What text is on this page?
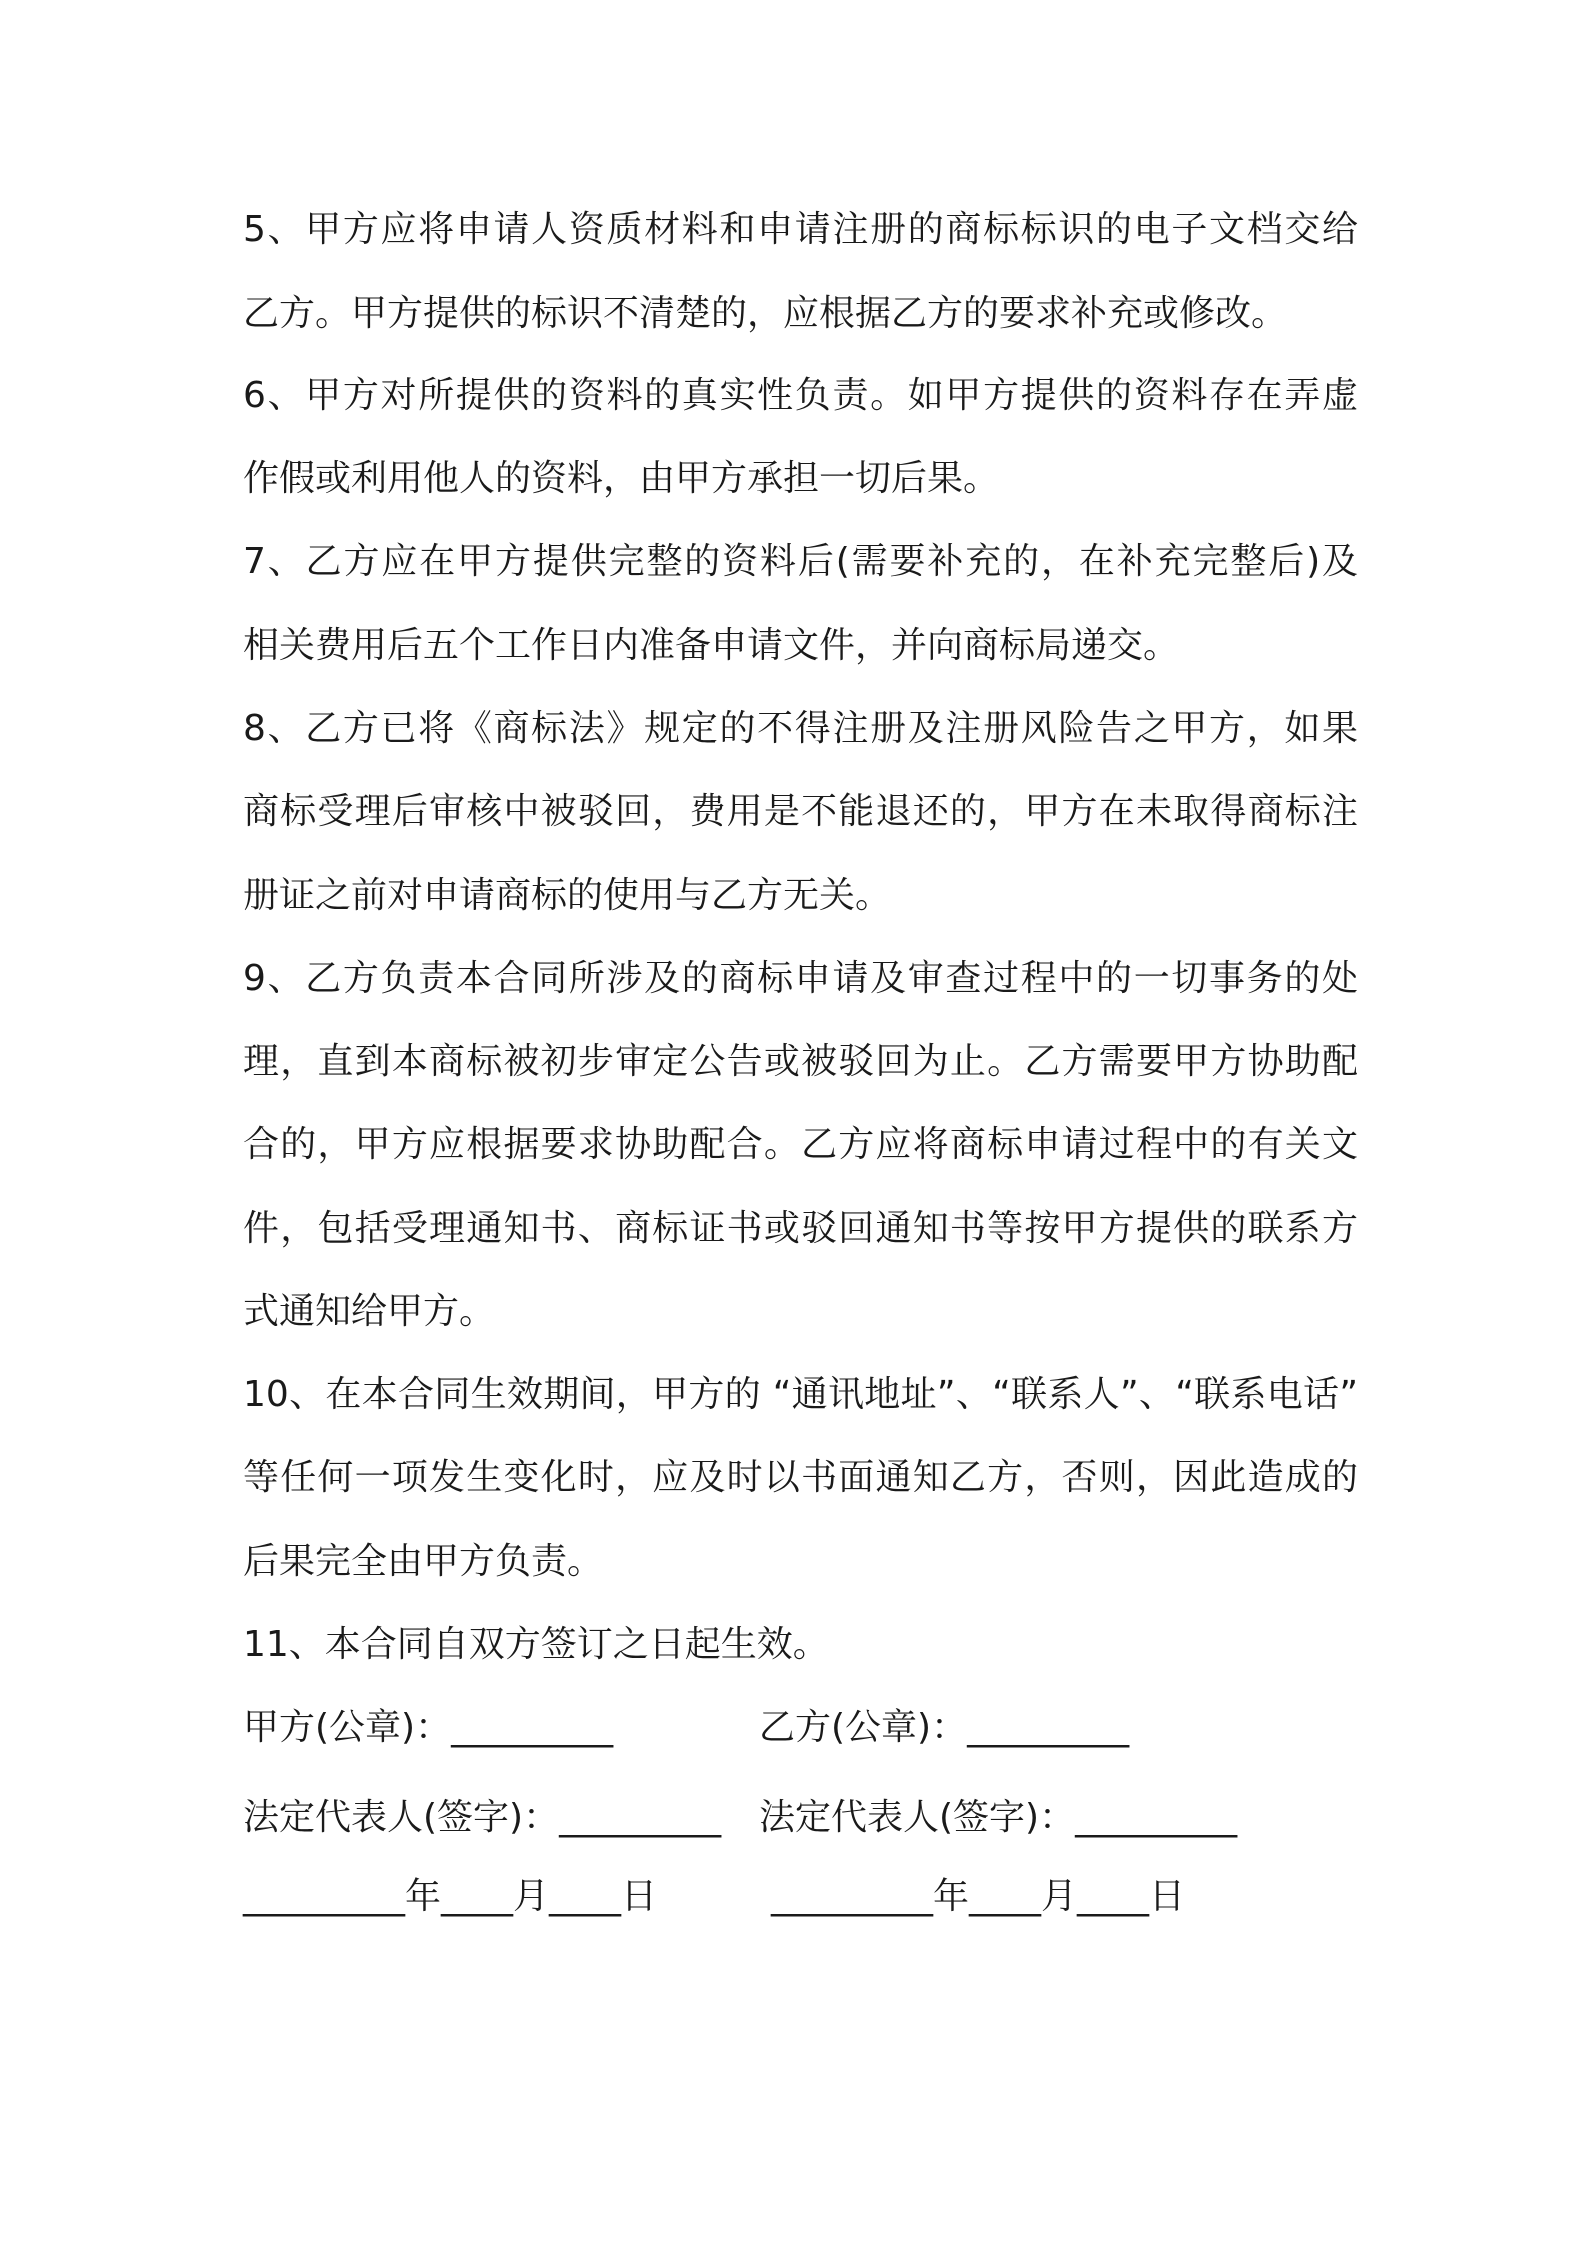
5、甲方应将申请人资质材料和申请注册的商标标识的电子文档交给
乙方。甲方提供的标识不清楚的，应根据乙方的要求补充或修改。
6、甲方对所提供的资料的真实性负责。如甲方提供的资料存在弄虚
作假或利用他人的资料，由甲方承担一切后果。
7、乙方应在甲方提供完整的资料后(需要补充的，在补充完整后)及
相关费用后五个工作日内准备申请文件，并向商标局递交。
8、乙方已将《商标法》规定的不得注册及注册风险告之甲方，如果
商标受理后审核中被驳回，费用是不能退还的，甲方在未取得商标注
册证之前对申请商标的使用与乙方无关。
9、乙方负责本合同所涉及的商标申请及审查过程中的一切事务的处
理，直到本商标被初步审定公告或被驳回为止。乙方需要甲方协助配
合的，甲方应根据要求协助配合。乙方应将商标申请过程中的有关文
件，包括受理通知书、商标证书或驳回通知书等按甲方提供的联系方
式通知给甲方。
10、在本合同生效期间，甲方的 “通讯地址”、“联系人”、“联系电话”
等任何一项发生变化时，应及时以书面通知乙方，否则，因此造成的
后果完全由甲方负责。
11、本合同自双方签订之日起生效。
甲方(公章)：_________	乙方(公章)：_________
法定代表人(签字)：_________ 法定代表人(签字)：_________
_________年____月____日	_________年____月____日
